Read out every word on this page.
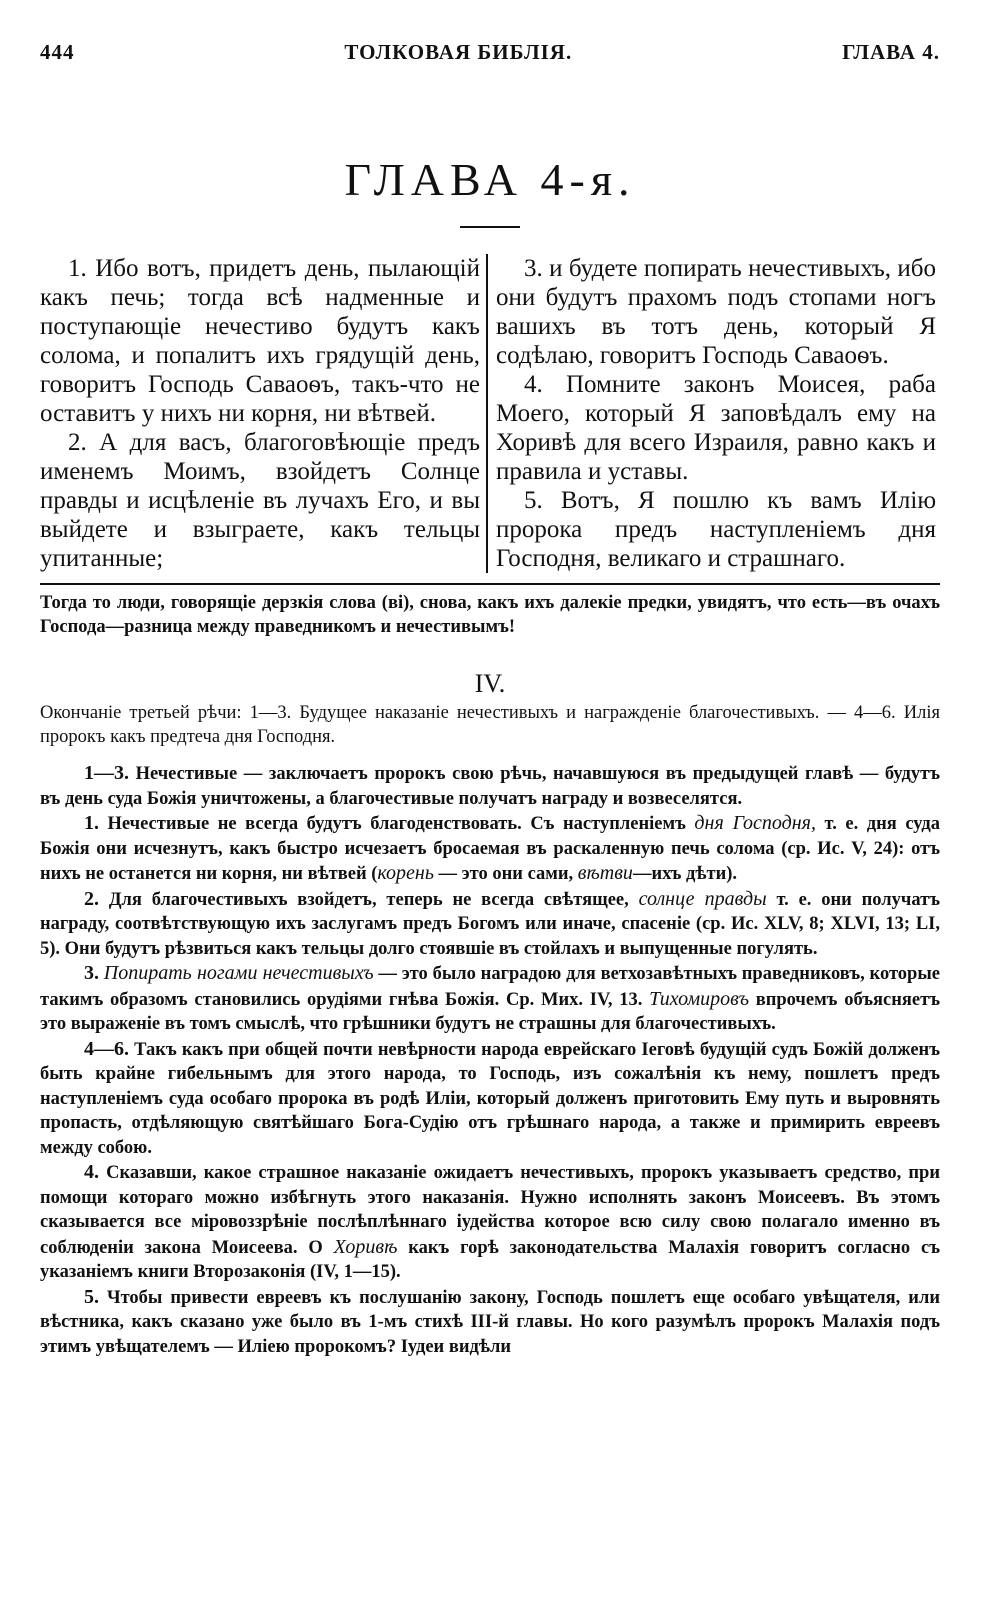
444	ТОЛКОВАЯ БИБЛІЯ.	ГЛАВА 4.
ГЛАВА 4-я.

1. Ибо вотъ, придетъ день, пылающій какъ печь; тогда всѣ надменные и поступающіе нечестиво будутъ какъ солома, и попалитъ ихъ грядущій день, говоритъ Господь Саваоѳъ, такъ-что не оставитъ у нихъ ни корня, ни вѣтвей.

2. А для васъ, благоговѣющіе предъ именемъ Моимъ, взойдетъ Солнце правды и исцѣленіе въ лучахъ Его, и вы выйдете и взыграете, какъ тельцы упитанные;

3. и будете попирать нечестивыхъ, ибо они будутъ прахомъ подъ стопами ногъ вашихъ въ тотъ день, который Я содѣлаю, говоритъ Господь Саваоѳъ.

4. Помните законъ Моисея, раба Моего, который Я заповѣдалъ ему на Хоривѣ для всего Израиля, равно какъ и правила и уставы.

5. Вотъ, Я пошлю къ вамъ Илію пророка предъ наступленіемъ дня Господня, великаго и страшнаго.

Тогда то люди, говорящіе дерзкія слова (ві), снова, какъ ихъ далекіе предки, увидятъ, что есть—въ очахъ Господа—разница между праведникомъ и нечестивымъ!
IV.
Окончаніе третьей рѣчи: 1—3. Будущее наказаніе нечестивыхъ и награжденіе благочестивыхъ. — 4—6. Илія пророкъ какъ предтеча дня Господня.

1—3. Нечестивые — заключаетъ пророкъ свою рѣчь, начавшуюся въ предыдущей главѣ — будутъ въ день суда Божія уничтожены, а благочестивые получатъ награду и возвеселятся.

1. Нечестивые не всегда будутъ благоденствовать. Съ наступленіемъ дня Господня, т. е. дня суда Божія они исчезнутъ, какъ быстро исчезаетъ бросаемая въ раскаленную печь солома (ср. Ис. V, 24): отъ нихъ не останется ни корня, ни вѣтвей (корень — это они сами, вѣтви—ихъ дѣти).

2. Для благочестивыхъ взойдетъ, теперь не всегда свѣтящее, солнце правды т. е. они получатъ награду, соотвѣтствующую ихъ заслугамъ предъ Богомъ или иначе, спасеніе (ср. Ис. XLV, 8; XLVI, 13; LI, 5). Они будутъ рѣзвиться какъ тельцы долго стоявшіе въ стойлахъ и выпущенные погулять.

3. Попирать ногами нечестивыхъ — это было наградою для ветхозавѣтныхъ праведниковъ, которые такимъ образомъ становились орудіями гнѣва Божія. Ср. Мих. IV, 13. Тихомировъ впрочемъ объясняетъ это выраженіе въ томъ смыслѣ, что грѣшники будутъ не страшны для благочестивыхъ.

4—6. Такъ какъ при общей почти невѣрности народа еврейскаго Іеговѣ будущій судъ Божій долженъ быть крайне гибельнымъ для этого народа, то Господь, изъ сожалѣнія къ нему, пошлетъ предъ наступленіемъ суда особаго пророка въ родѣ Иліи, который долженъ приготовить Ему путь и выровнять пропасть, отдѣляющую святѣйшаго Бога-Судію отъ грѣшнаго народа, а также и примирить евреевъ между собою.

4. Сказавши, какое страшное наказаніе ожидаетъ нечестивыхъ, пророкъ указываетъ средство, при помощи котораго можно избѣгнуть этого наказанія. Нужно исполнять законъ Моисеевъ. Въ этомъ сказывается все міровоззрѣніе послѣплѣннаго іудейства которое всю силу свою полагало именно въ соблюденіи закона Моисеева. О Хоривѣ какъ горѣ законодательства Малахія говоритъ согласно съ указаніемъ книги Второзаконія (IV, 1—15).

5. Чтобы привести евреевъ къ послушанію закону, Господь пошлетъ еще особаго увѣщателя, или вѣстника, какъ сказано уже было въ 1-мъ стихѣ III-й главы. Но кого разумѣлъ пророкъ Малахія подъ этимъ увѣщателемъ — Иліею пророкомъ? Іудеи видѣли
